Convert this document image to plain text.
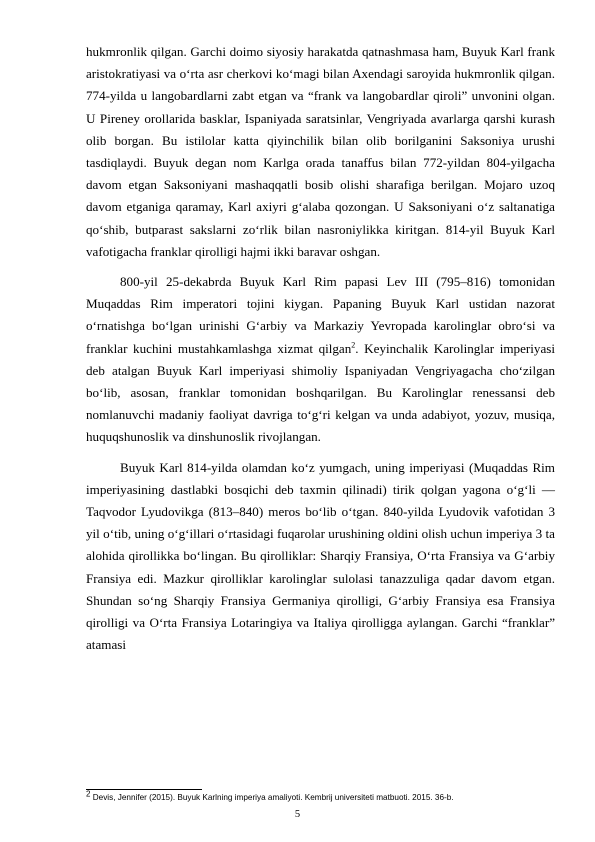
hukmronlik qilgan. Garchi doimo siyosiy harakatda qatnashmasa ham, Buyuk Karl frank aristokratiyasi va o‘rta asr cherkovi ko‘magi bilan Axendagi saroyida hukmronlik qilgan. 774-yilda u langobardlarni zabt etgan va “frank va langobardlar qiroli” unvonini olgan. U Pireney orollarida basklar, Ispaniyada saratsinlar, Vengriyada avarlarga qarshi kurash olib borgan. Bu istilolar katta qiyinchilik bilan olib borilganini Saksoniya urushi tasdiqlaydi. Buyuk degan nom Karlga orada tanaffus bilan 772-yildan 804-yilgacha davom etgan Saksoniyani mashaqqatli bosib olishi sharafiga berilgan. Mojaro uzoq davom etganiga qaramay, Karl axiyri g‘alaba qozongan. U Saksoniyani o‘z saltanatiga qo‘shib, butparast sakslarni zo‘rlik bilan nasroniylikka kiritgan. 814-yil Buyuk Karl vafotigacha franklar qirolligi hajmi ikki baravar oshgan.

800-yil 25-dekabrda Buyuk Karl Rim papasi Lev III (795–816) tomonidan Muqaddas Rim imperatori tojini kiygan. Papaning Buyuk Karl ustidan nazorat o‘rnatishga bo‘lgan urinishi G‘arbiy va Markaziy Yevropada karolinglar obro‘si va franklar kuchini mustahkamlashga xizmat qilgan$^2$. Keyinchalik Karolinglar imperiyasi deb atalgan Buyuk Karl imperiyasi shimoliy Ispaniyadan Vengriyagacha cho‘zilgan bo‘lib, asosan, franklar tomonidan boshqarilgan. Bu Karolinglar renessansi deb nomlanuvchi madaniy faoliyat davriga to‘g‘ri kelgan va unda adabiyot, yozuv, musiqa, huquqshunoslik va dinshunoslik rivojlangan.

Buyuk Karl 814-yilda olamdan ko‘z yumgach, uning imperiyasi (Muqaddas Rim imperiyasining dastlabki bosqichi deb taxmin qilinadi) tirik qolgan yagona o‘g‘li — Taqvodor Lyudovikga (813–840) meros bo‘lib o‘tgan. 840-yilda Lyudovik vafotidan 3 yil o‘tib, uning o‘g‘illari o‘rtasidagi fuqarolar urushining oldini olish uchun imperiya 3 ta alohida qirollikka bo‘lingan. Bu qirolliklar: Sharqiy Fransiya, O‘rta Fransiya va G‘arbiy Fransiya edi. Mazkur qirolliklar karolinglar sulolasi tanazzuliga qadar davom etgan. Shundan so‘ng Sharqiy Fransiya Germaniya qirolligi, G‘arbiy Fransiya esa Fransiya qirolligi va O‘rta Fransiya Lotaringiya va Italiya qirolligga aylangan. Garchi “franklar” atamasi

$^2$ Devis, Jennifer (2015). Buyuk Karlning imperiya amaliyoti. Kembrij universiteti matbuoti. 2015. 36-b.
5
